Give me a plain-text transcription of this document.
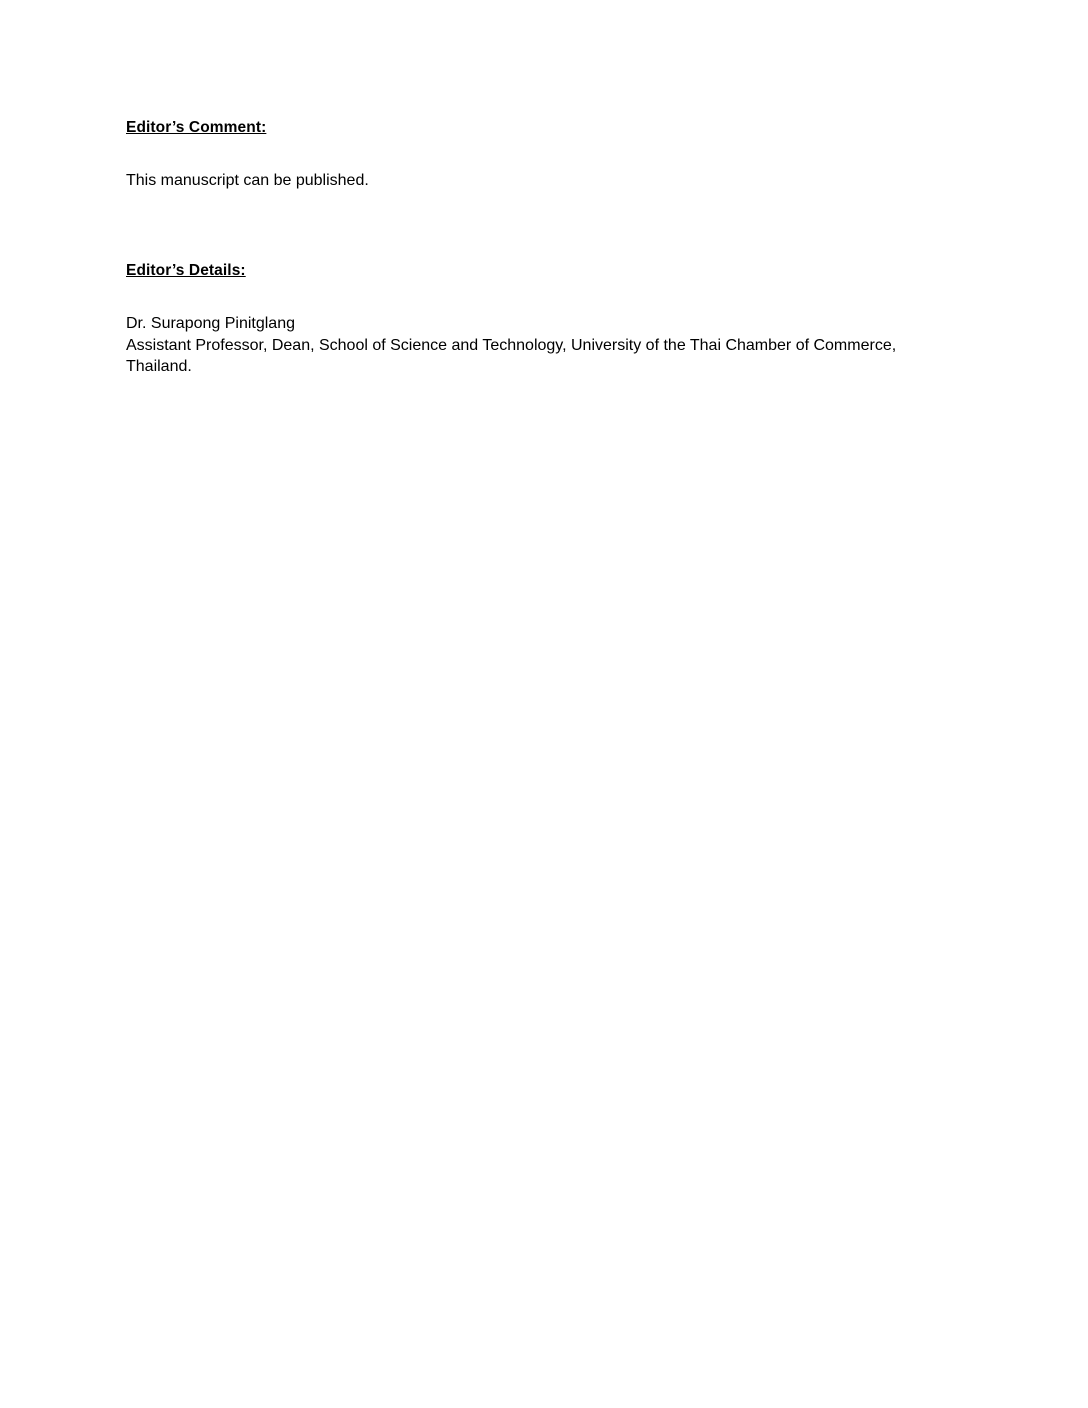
Editor’s Comment:

This manuscript can be published.

Editor’s Details:

Dr. Surapong Pinitglang

Assistant Professor, Dean, School of Science and Technology, University of the Thai Chamber of Commerce, Thailand.
